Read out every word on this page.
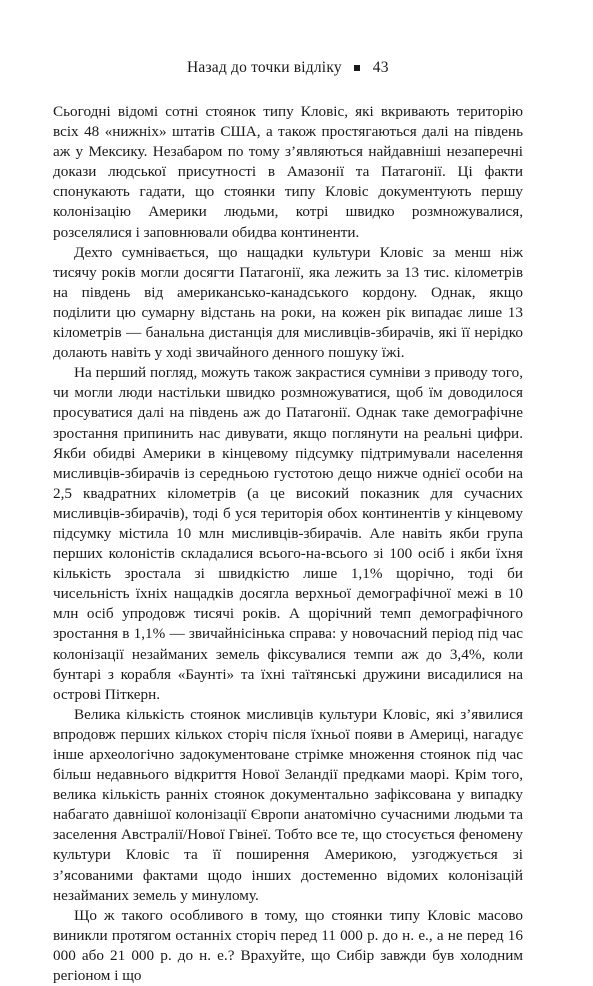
Назад до точки відліку 43

Сьогодні відомі сотні стоянок типу Кловіс, які вкривають територію всіх 48 «нижніх» штатів США, а також простягаються далі на південь аж у Мексику. Незабаром по тому з’являються найдавніші незаперечні докази людської присутності в Амазонії та Патагонії. Ці факти спонукають гадати, що стоянки типу Кловіс документують першу колонізацію Америки людьми, котрі швидко розмножувалися, розселялися і заповнювали обидва континенти.

Дехто сумнівається, що нащадки культури Кловіс за менш ніж тисячу років могли досягти Патагонії, яка лежить за 13 тис. кілометрів на південь від американсько-канадського кордону. Однак, якщо поділити цю сумарну відстань на роки, на кожен рік випадає лише 13 кілометрів — банальна дистанція для мисливців-збирачів, які її нерідко долають навіть у ході звичайного денного пошуку їжі.

На перший погляд, можуть також закрастися сумніви з приводу того, чи могли люди настільки швидко розмножуватися, щоб їм доводилося просуватися далі на південь аж до Патагонії. Однак таке демографічне зростання припинить нас дивувати, якщо поглянути на реальні цифри. Якби обидві Америки в кінцевому підсумку підтримували населення мисливців-збирачів із середньою густотою дещо нижче однієї особи на 2,5 квадратних кілометрів (а це високий показник для сучасних мисливців-збирачів), тоді б уся територія обох континентів у кінцевому підсумку містила 10 млн мисливців-збирачів. Але навіть якби група перших колоністів складалися всього-на-всього зі 100 осіб і якби їхня кількість зростала зі швидкістю лише 1,1% щорічно, тоді би чисельність їхніх нащадків досягла верхньої демографічної межі в 10 млн осіб упродовж тисячі років. А щорічний темп демографічного зростання в 1,1% — звичайнісінька справа: у новочасний період під час колонізації незайманих земель фіксувалися темпи аж до 3,4%, коли бунтарі з корабля «Баунті» та їхні таїтянські дружини висадилися на острові Піткерн.

Велика кількість стоянок мисливців культури Кловіс, які з’явилися впродовж перших кількох сторіч після їхньої появи в Америці, нагадує інше археологічно задокументоване стрімке множення стоянок під час більш недавнього відкриття Нової Зеландії предками маорі. Крім того, велика кількість ранніх стоянок документально зафіксована у випадку набагато давнішої колонізації Європи анатомічно сучасними людьми та заселення Австралії/Нової Гвінеї. Тобто все те, що стосується феномену культури Кловіс та її поширення Америкою, узгоджується зі з’ясованими фактами щодо інших достеменно відомих колонізацій незайманих земель у минулому.

Що ж такого особливого в тому, що стоянки типу Кловіс масово виникли протягом останніх сторіч перед 11 000 р. до н. е., а не перед 16 000 або 21 000 р. до н. е.? Врахуйте, що Сибір завжди був холодним регіоном і що
